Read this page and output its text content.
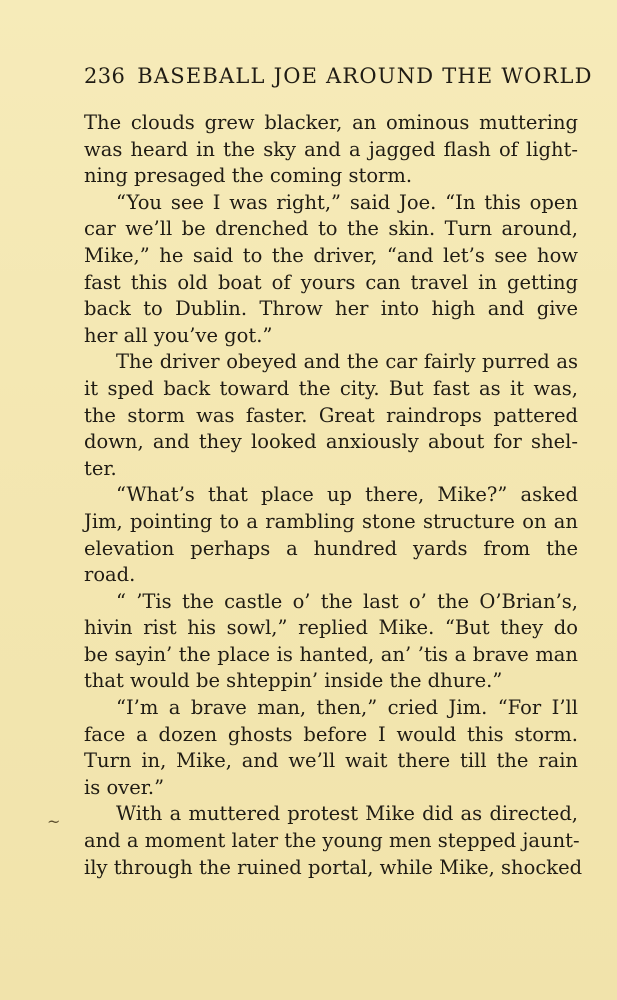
236 BASEBALL JOE AROUND THE WORLD
~
The clouds grew blacker, an ominous muttering
was heard in the sky and a jagged flash of light-
ning presaged the coming storm.
“You see I was right,” said Joe. “In this open
car we’ll be drenched to the skin. Turn around,
Mike,” he said to the driver, “and let’s see how
fast this old boat of yours can travel in getting
back to Dublin. Throw her into high and give
her all you’ve got.”
The driver obeyed and the car fairly purred as
it sped back toward the city. But fast as it was,
the storm was faster. Great raindrops pattered
down, and they looked anxiously about for shel-
ter.
“What’s that place up there, Mike?” asked
Jim, pointing to a rambling stone structure on an
elevation perhaps a hundred yards from the
road.
“ ’Tis the castle o’ the last o’ the O’Brian’s,
hivin rist his sowl,” replied Mike. “But they do
be sayin’ the place is hanted, an’ ’tis a brave man
that would be shteppin’ inside the dhure.”
“I’m a brave man, then,” cried Jim. “For I’ll
face a dozen ghosts before I would this storm.
Turn in, Mike, and we’ll wait there till the rain
is over.”
With a muttered protest Mike did as directed,
and a moment later the young men stepped jaunt-
ily through the ruined portal, while Mike, shocked
